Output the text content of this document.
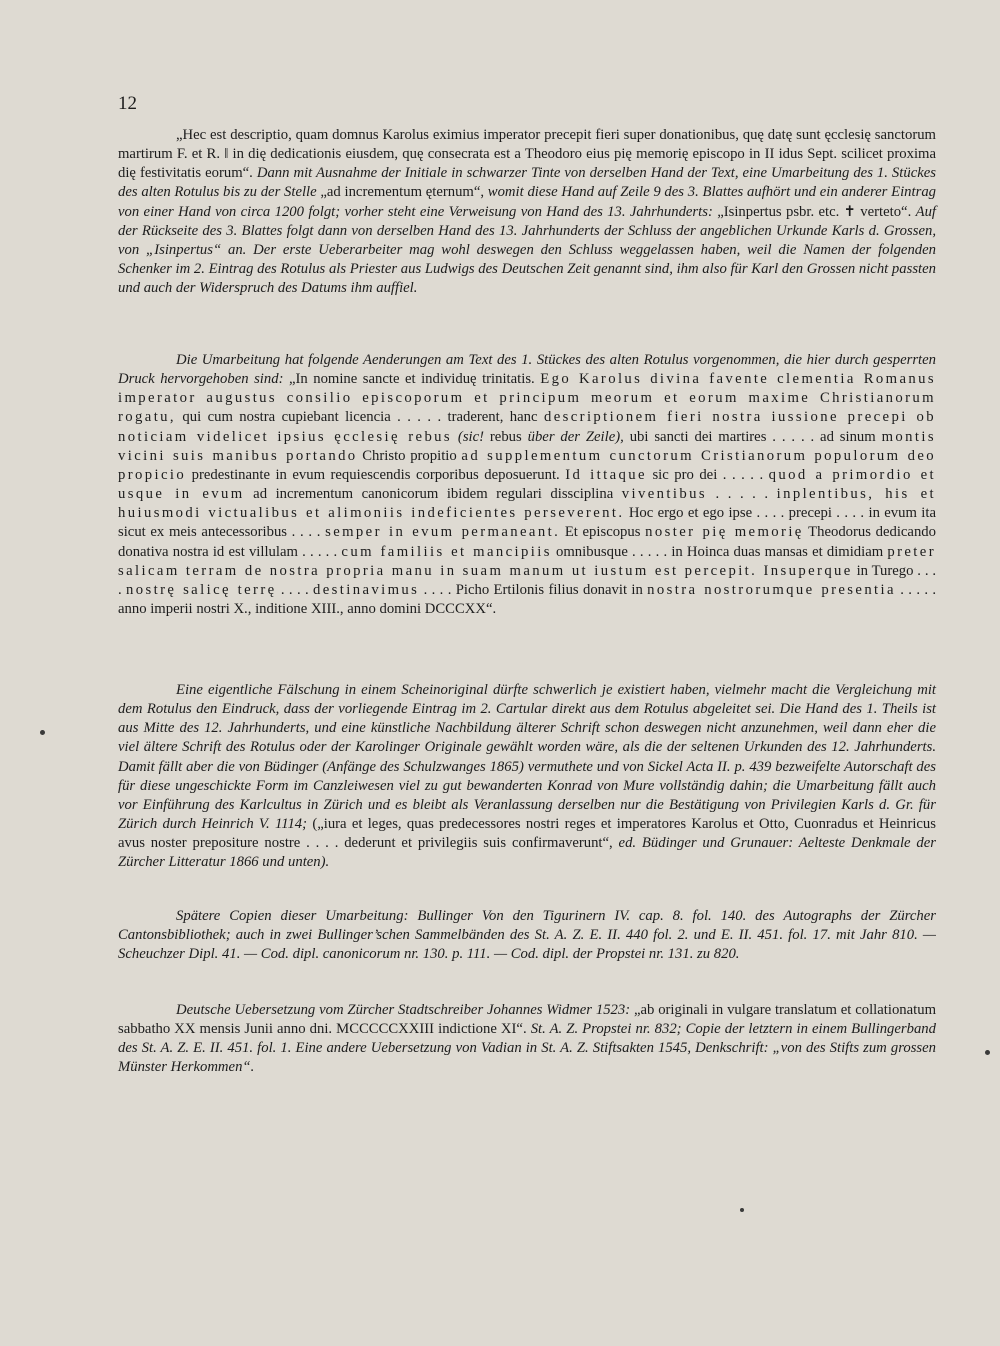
12

„Hec est descriptio, quam domnus Karolus eximius imperator precepit fieri super donationibus, quę datę sunt ęcclesię sanctorum martirum F. et R. ‖ in dię dedicationis eiusdem, quę consecrata est a Theodoro eius pię memorię episcopo in II idus Sept. scilicet proxima dię festivitatis eorum“. Dann mit Ausnahme der Initiale in schwarzer Tinte von derselben Hand der Text, eine Umarbeitung des 1. Stückes des alten Rotulus bis zu der Stelle „ad incrementum ęternum“, womit diese Hand auf Zeile 9 des 3. Blattes aufhört und ein anderer Eintrag von einer Hand von circa 1200 folgt; vorher steht eine Verweisung von Hand des 13. Jahrhunderts: „Isinpertus psbr. etc. ✝ verteto“. Auf der Rückseite des 3. Blattes folgt dann von derselben Hand des 13. Jahrhunderts der Schluss der angeblichen Urkunde Karls d. Grossen, von „Isinpertus“ an. Der erste Ueberarbeiter mag wohl deswegen den Schluss weggelassen haben, weil die Namen der folgenden Schenker im 2. Eintrag des Rotulus als Priester aus Ludwigs des Deutschen Zeit genannt sind, ihm also für Karl den Grossen nicht passten und auch der Widerspruch des Datums ihm auffiel.

Die Umarbeitung hat folgende Aenderungen am Text des 1. Stückes des alten Rotulus vorgenommen, die hier durch gesperrten Druck hervorgehoben sind: „In nomine sancte et individuę trinitatis. Ego Karolus divina favente clementia Romanus imperator augustus consilio episcoporum et principum meorum et eorum maxime Christianorum rogatu, qui cum nostra cupiebant licencia . . . . . traderent, hanc descriptionem fieri nostra iussione precepi ob noticiam videlicet ipsius ęcclesię rebus (sic! rebus über der Zeile), ubi sancti dei martires . . . . . ad sinum montis vicini suis manibus portando Christo propitio ad supplementum cunctorum Cristianorum populorum deo propicio predestinante in evum requiescendis corporibus deposuerunt. Id ittaque sic pro dei . . . . . quod a primordio et usque in evum ad incrementum canonicorum ibidem regulari dissciplina viventibus . . . . . inplentibus, his et huiusmodi victualibus et alimoniis indeficientes perseverent. Hoc ergo et ego ipse . . . . precepi . . . . in evum ita sicut ex meis antecessoribus . . . . semper in evum permaneant. Et episcopus noster pię memorię Theodorus dedicando donativa nostra id est villulam . . . . . cum familiis et mancipiis omnibusque . . . . . in Hoinca duas mansas et dimidiam preter salicam terram de nostra propria manu in suam manum ut iustum est percepit. Insuperque in Turego . . . . nostrę salicę terrę . . . . destinavimus . . . . Picho Ertilonis filius donavit in nostra nostrorumque presentia . . . . . anno imperii nostri X., inditione XIII., anno domini DCCCXX“.

Eine eigentliche Fälschung in einem Scheinoriginal dürfte schwerlich je existiert haben, vielmehr macht die Vergleichung mit dem Rotulus den Eindruck, dass der vorliegende Eintrag im 2. Cartular direkt aus dem Rotulus abgeleitet sei. Die Hand des 1. Theils ist aus Mitte des 12. Jahrhunderts, und eine künstliche Nachbildung älterer Schrift schon deswegen nicht anzunehmen, weil dann eher die viel ältere Schrift des Rotulus oder der Karolinger Originale gewählt worden wäre, als die der seltenen Urkunden des 12. Jahrhunderts. Damit fällt aber die von Büdinger (Anfänge des Schulzwanges 1865) vermuthete und von Sickel Acta II. p. 439 bezweifelte Autorschaft des für diese ungeschickte Form im Canzleiwesen viel zu gut bewanderten Konrad von Mure vollständig dahin; die Umarbeitung fällt auch vor Einführung des Karlcultus in Zürich und es bleibt als Veranlassung derselben nur die Bestätigung von Privilegien Karls d. Gr. für Zürich durch Heinrich V. 1114; („iura et leges, quas predecessores nostri reges et imperatores Karolus et Otto, Cuonradus et Heinricus avus noster prepositure nostre . . . . dederunt et privilegiis suis confirmaverunt“, ed. Büdinger und Grunauer: Aelteste Denkmale der Zürcher Litteratur 1866 und unten).

Spätere Copien dieser Umarbeitung: Bullinger Von den Tigurinern IV. cap. 8. fol. 140. des Autographs der Zürcher Cantonsbibliothek; auch in zwei Bullinger’schen Sammelbänden des St. A. Z. E. II. 440 fol. 2. und E. II. 451. fol. 17. mit Jahr 810. — Scheuchzer Dipl. 41. — Cod. dipl. canonicorum nr. 130. p. 111. — Cod. dipl. der Propstei nr. 131. zu 820.

Deutsche Uebersetzung vom Zürcher Stadtschreiber Johannes Widmer 1523: „ab originali in vulgare translatum et collationatum sabbatho XX mensis Junii anno dni. MCCCCCXXIII indictione XI“. St. A. Z. Propstei nr. 832; Copie der letztern in einem Bullingerband des St. A. Z. E. II. 451. fol. 1. Eine andere Uebersetzung von Vadian in St. A. Z. Stiftsakten 1545, Denkschrift: „von des Stifts zum grossen Münster Herkommen“.
